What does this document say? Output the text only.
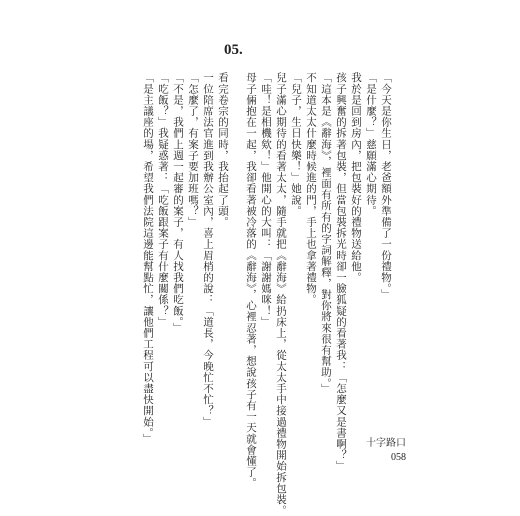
05.

「今天是你生日，老爸額外準備了一份禮物。」

「是什麼？」慈願滿心期待。

我於是回到房內，把包裝好的禮物送給他。

孩子興奮的拆著包裝，但當包裝拆光時卻一臉狐疑的看著我：「怎麼又是書啊？」

「這本是《辭海》，裡面有所有的字詞解釋，對你將來很有幫助。」

不知道太太什麼時候進的門，手上也拿著禮物。

「兒子，生日快樂！」她說。

兒子滿心期待的看著太太，隨手就把《辭海》給扔床上，從太太手中接過禮物開始拆包裝。

「哇！是相機欸！」他開心的大叫：「謝謝媽咪！」

母子倆抱在一起，我卻看著被冷落的《辭海》，心裡忍著，想說孩子有一天就會懂了。

看完卷宗的同時，我抬起了頭。

一位陪席法官進到我辦公室內，喜上眉梢的說：「道長，今晚忙不忙？」

「怎麼了，有案子要加班嗎？」

「不是，我們上週一起審的案子，有人找我們吃飯。」

「吃飯？」我疑惑著：「吃飯跟案子有什麼關係？」

「是主議座的場，希望我們法院這邊能幫點忙，讓他們工程可以盡快開始。」	十字路口

058
